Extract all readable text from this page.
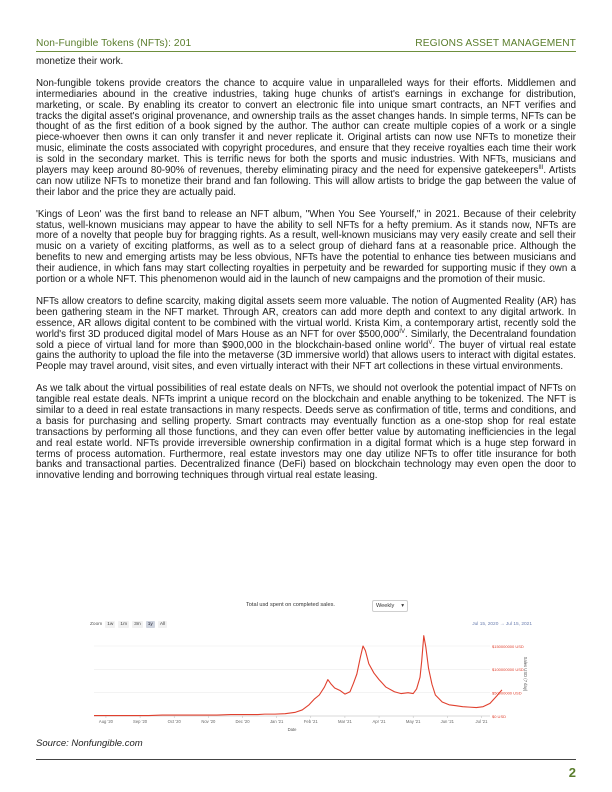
Non-Fungible Tokens (NFTs): 201	REGIONS ASSET MANAGEMENT

monetize their work.

Non-fungible tokens provide creators the chance to acquire value in unparalleled ways for their efforts. Middlemen and intermediaries abound in the creative industries, taking huge chunks of artist's earnings in exchange for distribution, marketing, or scale. By enabling its creator to convert an electronic file into unique smart contracts, an NFT verifies and tracks the digital asset's original provenance, and ownership trails as the asset changes hands. In simple terms, NFTs can be thought of as the first edition of a book signed by the author. The author can create multiple copies of a work or a single piece-whoever then owns it can only transfer it and never replicate it. Original artists can now use NFTs to monetize their music, eliminate the costs associated with copyright procedures, and ensure that they receive royalties each time their work is sold in the secondary market. This is terrific news for both the sports and music industries. With NFTs, musicians and players may keep around 80-90% of revenues, thereby eliminating piracy and the need for expensive gatekeepers$^{III}$. Artists can now utilize NFTs to monetize their brand and fan following. This will allow artists to bridge the gap between the value of their labor and the price they are actually paid.

'Kings of Leon' was the first band to release an NFT album, "When You See Yourself," in 2021. Because of their celebrity status, well-known musicians may appear to have the ability to sell NFTs for a hefty premium. As it stands now, NFTs are more of a novelty that people buy for bragging rights. As a result, well-known musicians may very easily create and sell their music on a variety of exciting platforms, as well as to a select group of diehard fans at a reasonable price. Although the benefits to new and emerging artists may be less obvious, NFTs have the potential to enhance ties between musicians and their audience, in which fans may start collecting royalties in perpetuity and be rewarded for supporting music if they own a portion or a whole NFT. This phenomenon would aid in the launch of new campaigns and the promotion of their music.

NFTs allow creators to define scarcity, making digital assets seem more valuable. The notion of Augmented Reality (AR) has been gathering steam in the NFT market. Through AR, creators can add more depth and context to any digital artwork. In essence, AR allows digital content to be combined with the virtual world. Krista Kim, a contemporary artist, recently sold the world's first 3D produced digital model of Mars House as an NFT for over $\$500,000^{IV}$. Similarly, the Decentraland foundation sold a piece of virtual land for more than $900,000 in the blockchain-based online world$^V$. The buyer of virtual real estate gains the authority to upload the file into the metaverse (3D immersive world) that allows users to interact with digital estates. People may travel around, visit sites, and even virtually interact with their NFT art collections in these virtual environments.

As we talk about the virtual possibilities of real estate deals on NFTs, we should not overlook the potential impact of NFTs on tangible real estate deals. NFTs imprint a unique record on the blockchain and enable anything to be tokenized. The NFT is similar to a deed in real estate transactions in many respects. Deeds serve as confirmation of title, terms and conditions, and a basis for purchasing and selling property. Smart contracts may eventually function as a one-stop shop for real estate transactions by performing all those functions, and they can even offer better value by automating inefficiencies in the legal and real estate world. NFTs provide irreversible ownership confirmation in a digital format which is a huge step forward in terms of process automation. Furthermore, real estate investors may one day utilize NFTs to offer title insurance for both banks and transactional parties. Decentralized finance (DeFi) based on blockchain technology may even open the door to innovative lending and borrowing techniques through virtual real estate leasing.

Total usd spent on completed sales.	Weekly ▾
Zoom	1w	1m	3m	1y	All	Jul 15, 2020 → Jul 15, 2021
$0 USD
$50000000 USD
$100000000 USD
$150000000 USD
Sales USD (7 day)
Aug '20	Sep '20	Oct '20	Nov '20	Dec '20	Jan '21	Feb '21	Mar '21	Apr '21	May '21	Jun '21	Jul '21
Date
Source: Nonfungible.com
2
